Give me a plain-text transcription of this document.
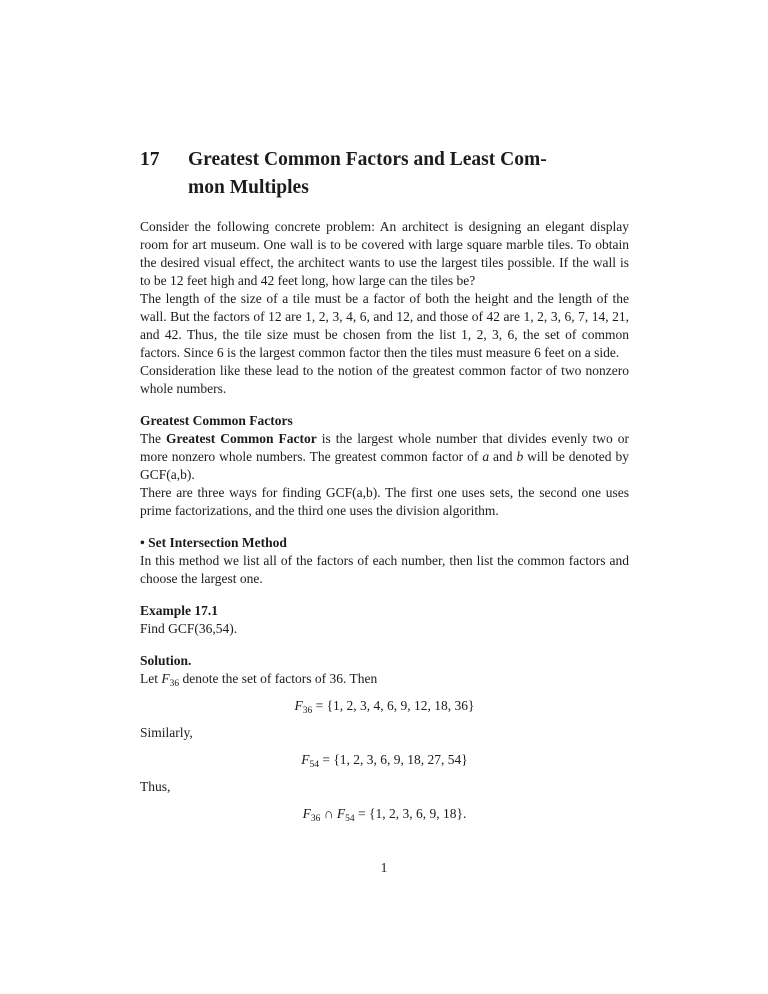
17	Greatest Common Factors and Least Com-
mon Multiples

Consider the following concrete problem: An architect is designing an elegant display room for art museum. One wall is to be covered with large square marble tiles. To obtain the desired visual effect, the architect wants to use the largest tiles possible. If the wall is to be 12 feet high and 42 feet long, how large can the tiles be?

The length of the size of a tile must be a factor of both the height and the length of the wall. But the factors of 12 are 1, 2, 3, 4, 6, and 12, and those of 42 are 1, 2, 3, 6, 7, 14, 21, and 42. Thus, the tile size must be chosen from the list 1, 2, 3, 6, the set of common factors. Since 6 is the largest common factor then the tiles must measure 6 feet on a side.

Consideration like these lead to the notion of the greatest common factor of two nonzero whole numbers.

Greatest Common Factors

The Greatest Common Factor is the largest whole number that divides evenly two or more nonzero whole numbers. The greatest common factor of a and b will be denoted by GCF(a,b).

There are three ways for finding GCF(a,b). The first one uses sets, the second one uses prime factorizations, and the third one uses the division algorithm.

• Set Intersection Method

In this method we list all of the factors of each number, then list the common factors and choose the largest one.

Example 17.1

Find GCF(36,54).

Solution.

Let $F_{36}$ denote the set of factors of 36. Then

$F_{36} = \{1$, 2, 3, 4, 6, 9, 12, 18, 36}

Similarly,

$F_{54} = \{1$, 2, 3, 6, 9, 18, 27, 54}

Thus,

$F_{36}$ ∩ $F_{54} = \{1$, 2, 3, 6, 9, 18}.
1
